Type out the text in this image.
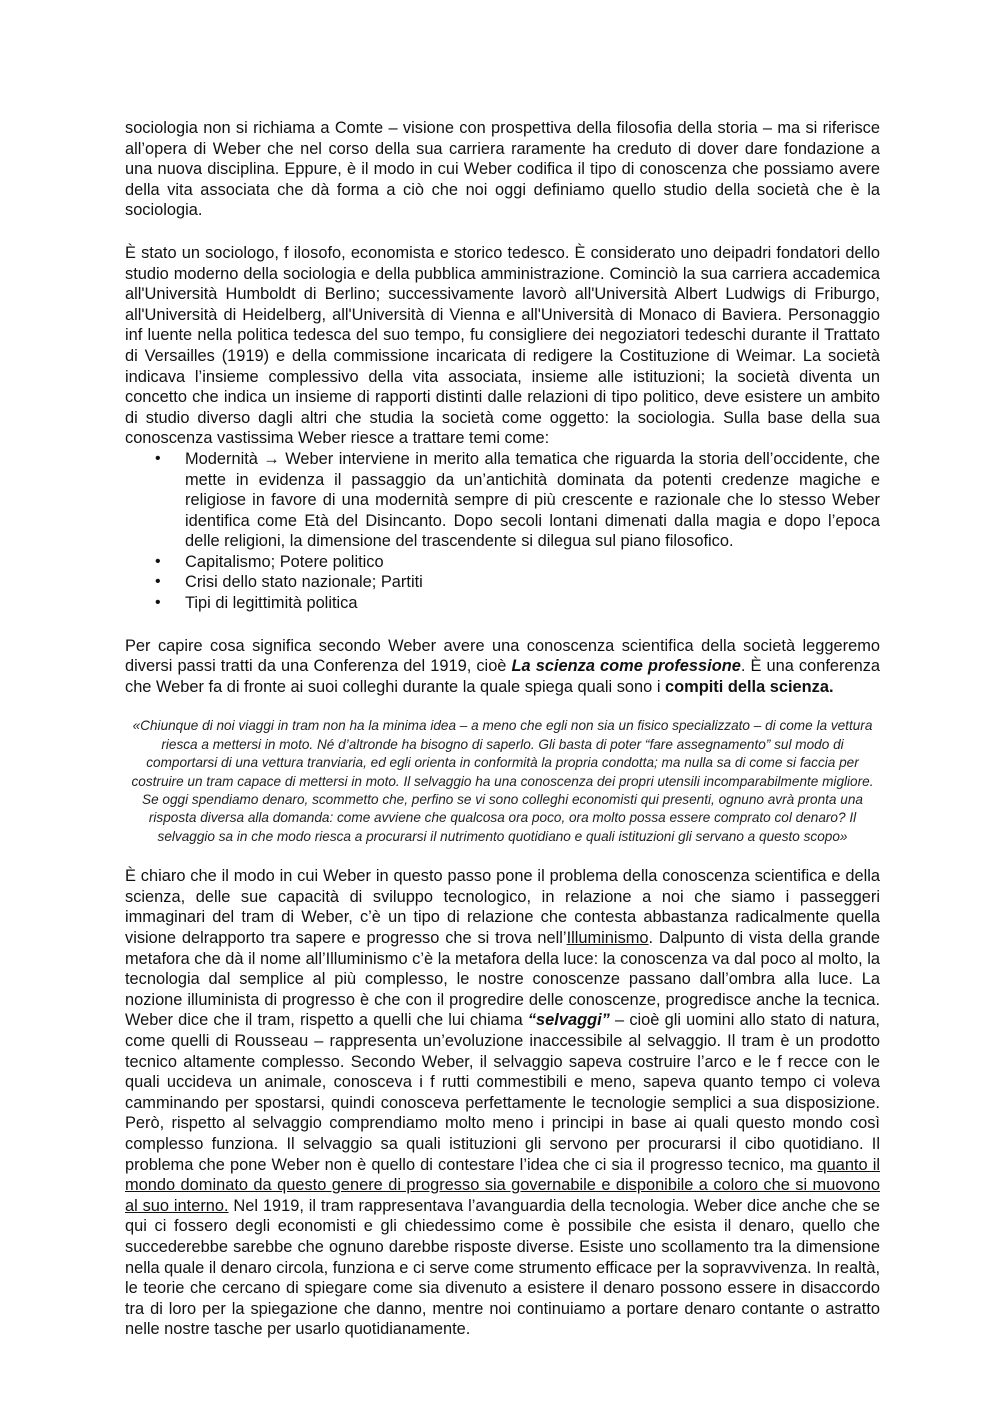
sociologia non si richiama a Comte – visione con prospettiva della filosofia della storia – ma si riferisce all’opera di Weber che nel corso della sua carriera raramente ha creduto di dover dare fondazione a una nuova disciplina. Eppure, è il modo in cui Weber codifica il tipo di conoscenza che possiamo avere della vita associata che dà forma a ciò che noi oggi definiamo quello studio della società che è la sociologia.

È stato un sociologo, f ilosofo, economista e storico tedesco. È considerato uno deipadri fondatori dello studio moderno della sociologia e della pubblica amministrazione. Cominciò la sua carriera accademica all'Università Humboldt di Berlino; successivamente lavorò all'Università Albert Ludwigs di Friburgo, all'Università di Heidelberg, all'Università di Vienna e all'Università di Monaco di Baviera. Personaggio inf luente nella politica tedesca del suo tempo, fu consigliere dei negoziatori tedeschi durante il Trattato di Versailles (1919) e della commissione incaricata di redigere la Costituzione di Weimar. La società indicava l’insieme complessivo della vita associata, insieme alle istituzioni; la società diventa un concetto che indica un insieme di rapporti distinti dalle relazioni di tipo politico, deve esistere un ambito di studio diverso dagli altri che studia la società come oggetto: la sociologia. Sulla base della sua conoscenza vastissima Weber riesce a trattare temi come:

• Modernità → Weber interviene in merito alla tematica che riguarda la storia dell’occidente, che mette in evidenza il passaggio da un’antichità dominata da potenti credenze magiche e religiose in favore di una modernità sempre di più crescente e razionale che lo stesso Weber identifica come Età del Disincanto. Dopo secoli lontani dimenati dalla magia e dopo l’epoca delle religioni, la dimensione del trascendente si dilegua sul piano filosofico.
• Capitalismo; Potere politico
• Crisi dello stato nazionale; Partiti
• Tipi di legittimità politica

Per capire cosa significa secondo Weber avere una conoscenza scientifica della società leggeremo diversi passi tratti da una Conferenza del 1919, cioè La scienza come professione. È una conferenza che Weber fa di fronte ai suoi colleghi durante la quale spiega quali sono i compiti della scienza.

«Chiunque di noi viaggi in tram non ha la minima idea – a meno che egli non sia un fisico specializzato – di come la vettura riesca a mettersi in moto. Né d’altronde ha bisogno di saperlo. Gli basta di poter “fare assegnamento” sul modo di comportarsi di una vettura tranviaria, ed egli orienta in conformità la propria condotta; ma nulla sa di come si faccia per costruire un tram capace di mettersi in moto. Il selvaggio ha una conoscenza dei propri utensili incomparabilmente migliore. Se oggi spendiamo denaro, scommetto che, perfino se vi sono colleghi economisti qui presenti, ognuno avrà pronta una risposta diversa alla domanda: come avviene che qualcosa ora poco, ora molto possa essere comprato col denaro? Il selvaggio sa in che modo riesca a procurarsi il nutrimento quotidiano e quali istituzioni gli servano a questo scopo»

È chiaro che il modo in cui Weber in questo passo pone il problema della conoscenza scientifica e della scienza, delle sue capacità di sviluppo tecnologico, in relazione a noi che siamo i passeggeri immaginari del tram di Weber, c’è un tipo di relazione che contesta abbastanza radicalmente quella visione delrapporto tra sapere e progresso che si trova nell’Illuminismo. Dalpunto di vista della grande metafora che dà il nome all’Illuminismo c’è la metafora della luce: la conoscenza va dal poco al molto, la tecnologia dal semplice al più complesso, le nostre conoscenze passano dall’ombra alla luce. La nozione illuminista di progresso è che con il progredire delle conoscenze, progredisce anche la tecnica. Weber dice che il tram, rispetto a quelli che lui chiama “selvaggi” – cioè gli uomini allo stato di natura, come quelli di Rousseau – rappresenta un’evoluzione inaccessibile al selvaggio. Il tram è un prodotto tecnico altamente complesso. Secondo Weber, il selvaggio sapeva costruire l’arco e le f recce con le quali uccideva un animale, conosceva i f rutti commestibili e meno, sapeva quanto tempo ci voleva camminando per spostarsi, quindi conosceva perfettamente le tecnologie semplici a sua disposizione. Però, rispetto al selvaggio comprendiamo molto meno i principi in base ai quali questo mondo così complesso funziona. Il selvaggio sa quali istituzioni gli servono per procurarsi il cibo quotidiano. Il problema che pone Weber non è quello di contestare l’idea che ci sia il progresso tecnico, ma quanto il mondo dominato da questo genere di progresso sia governabile e disponibile a coloro che si muovono al suo interno. Nel 1919, il tram rappresentava l’avanguardia della tecnologia. Weber dice anche che se qui ci fossero degli economisti e gli chiedessimo come è possibile che esista il denaro, quello che succederebbe sarebbe che ognuno darebbe risposte diverse. Esiste uno scollamento tra la dimensione nella quale il denaro circola, funziona e ci serve come strumento efficace per la sopravvivenza. In realtà, le teorie che cercano di spiegare come sia divenuto a esistere il denaro possono essere in disaccordo tra di loro per la spiegazione che danno, mentre noi continuiamo a portare denaro contante o astratto nelle nostre tasche per usarlo quotidianamente.
